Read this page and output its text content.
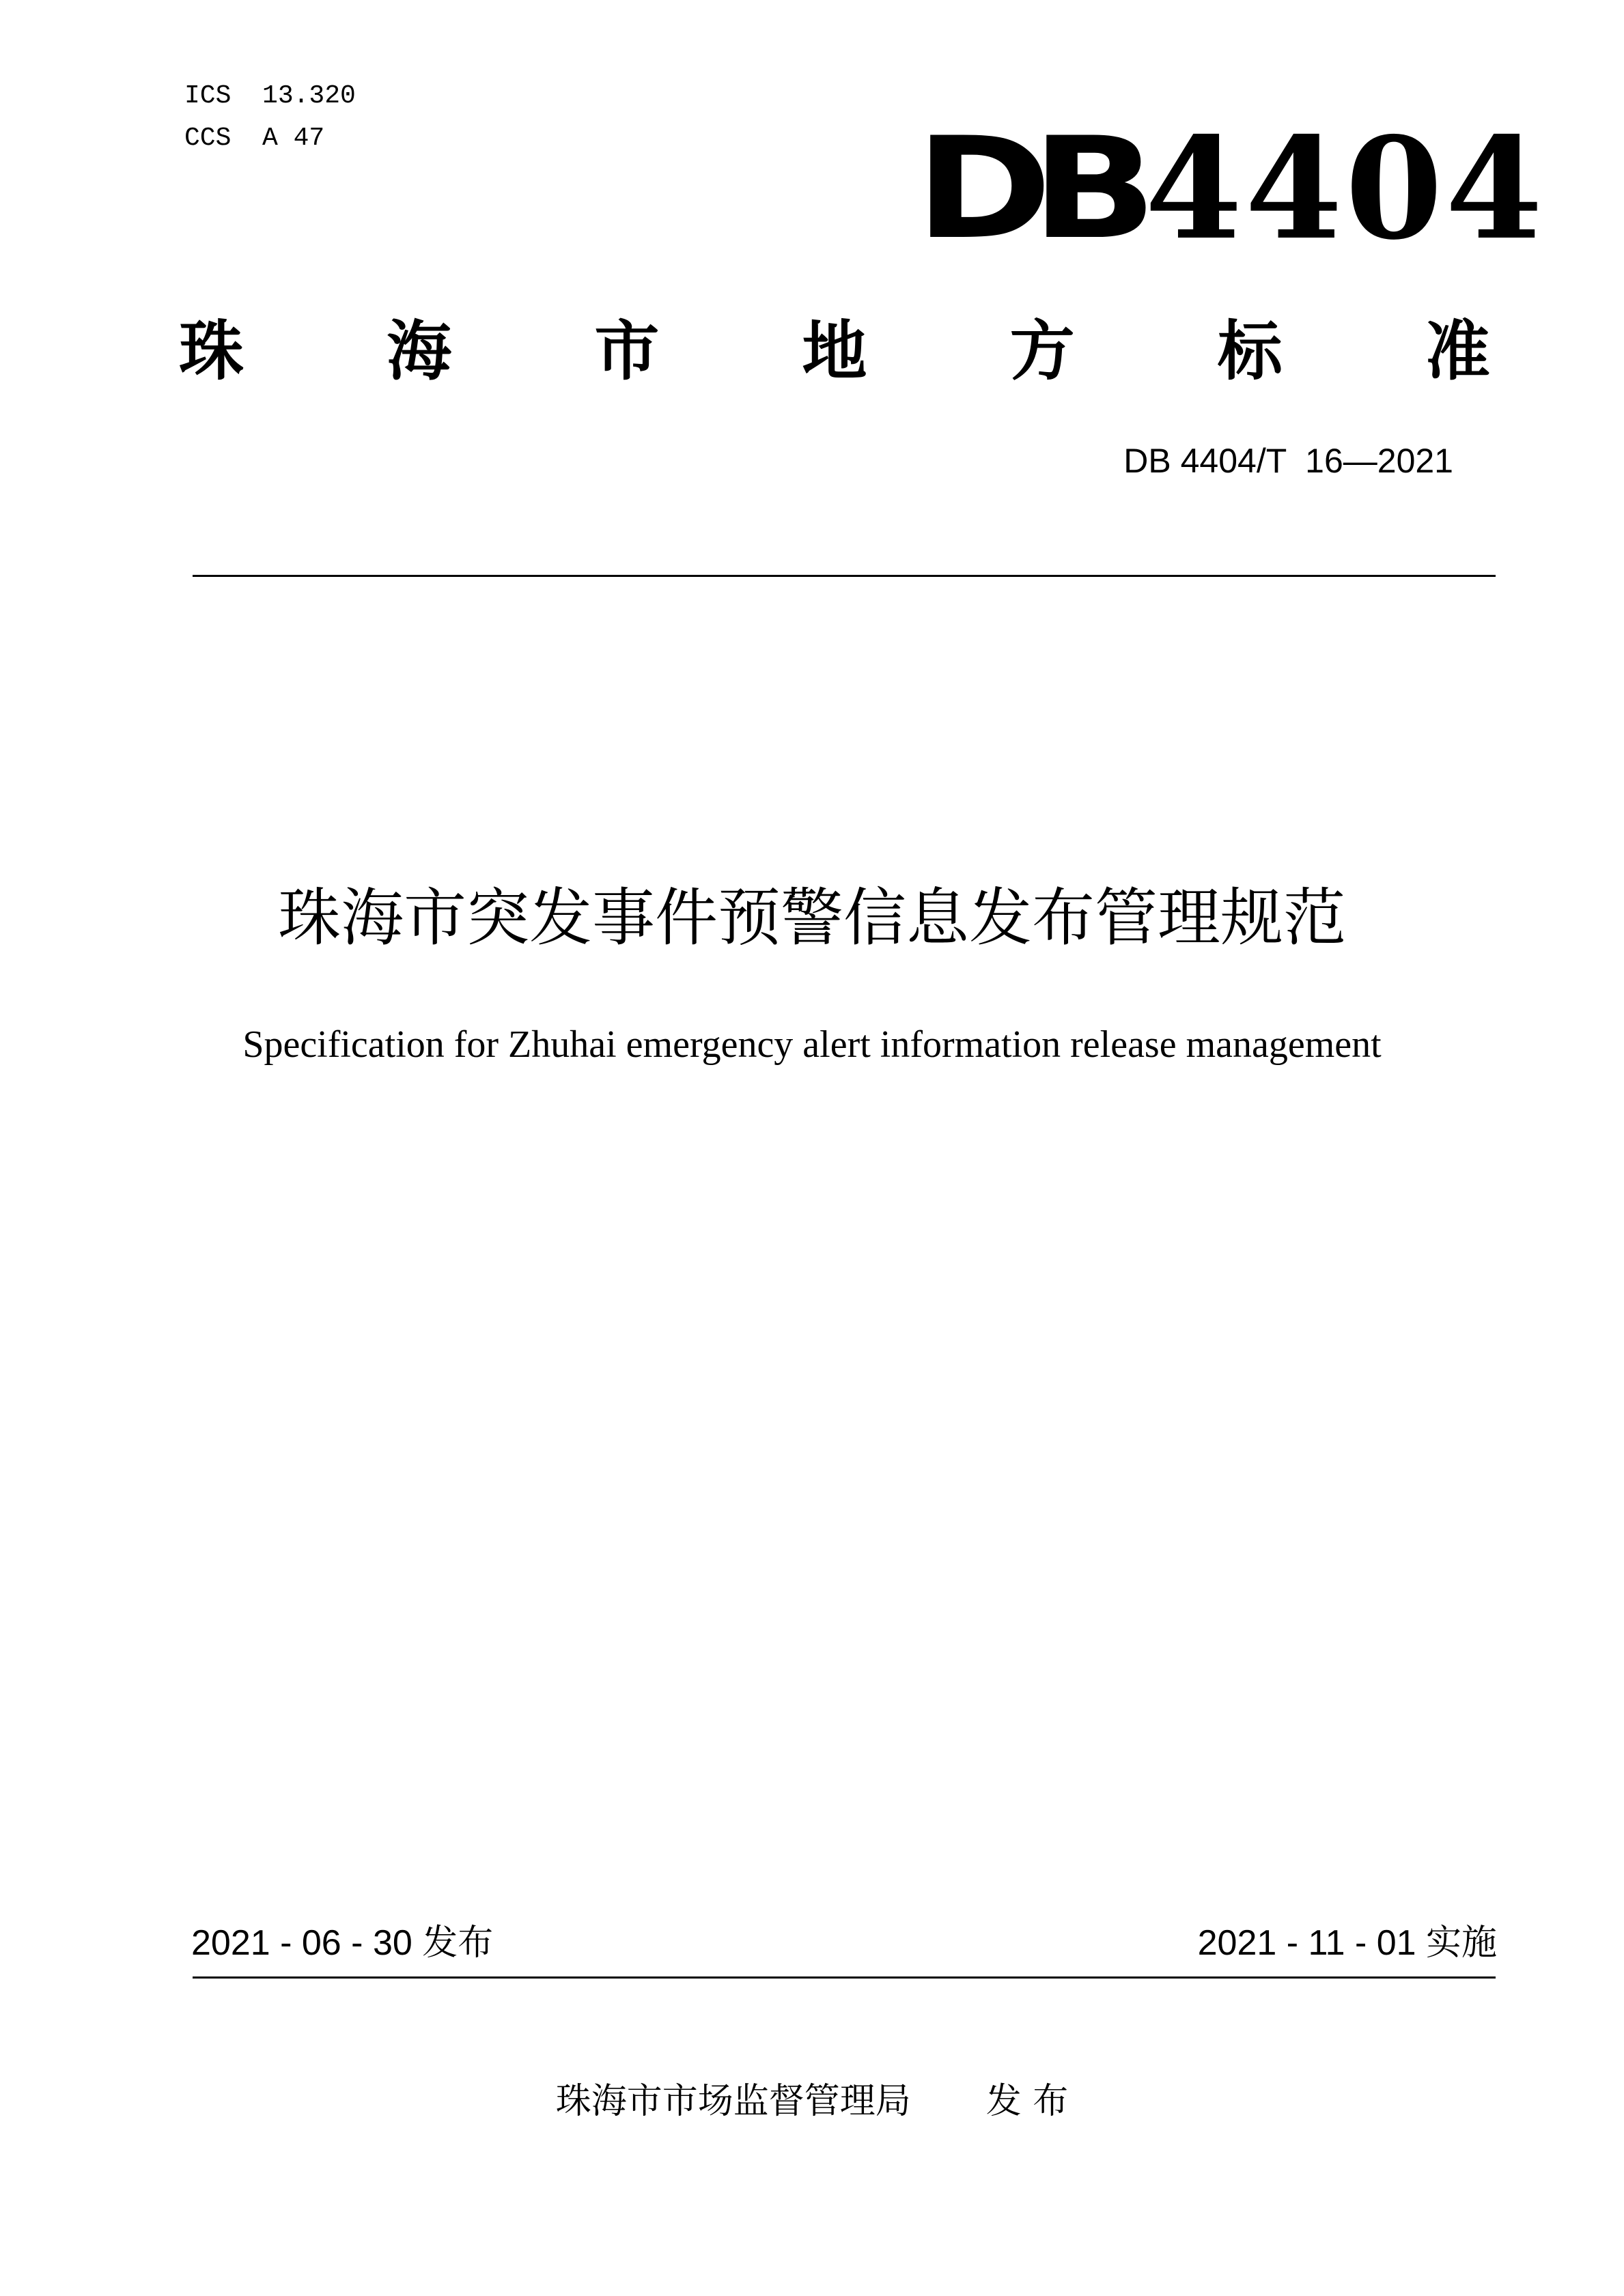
ICS  13.320
CCS  A 47	DB 4404
珠 海 市 地 方 标 准
DB 4404/T  16—2021
珠海市突发事件预警信息发布管理规范
Specification for Zhuhai emergency alert information release management
2021 - 06 - 30 发布	2021 - 11 - 01 实施
珠海市市场监督管理局 发 布
